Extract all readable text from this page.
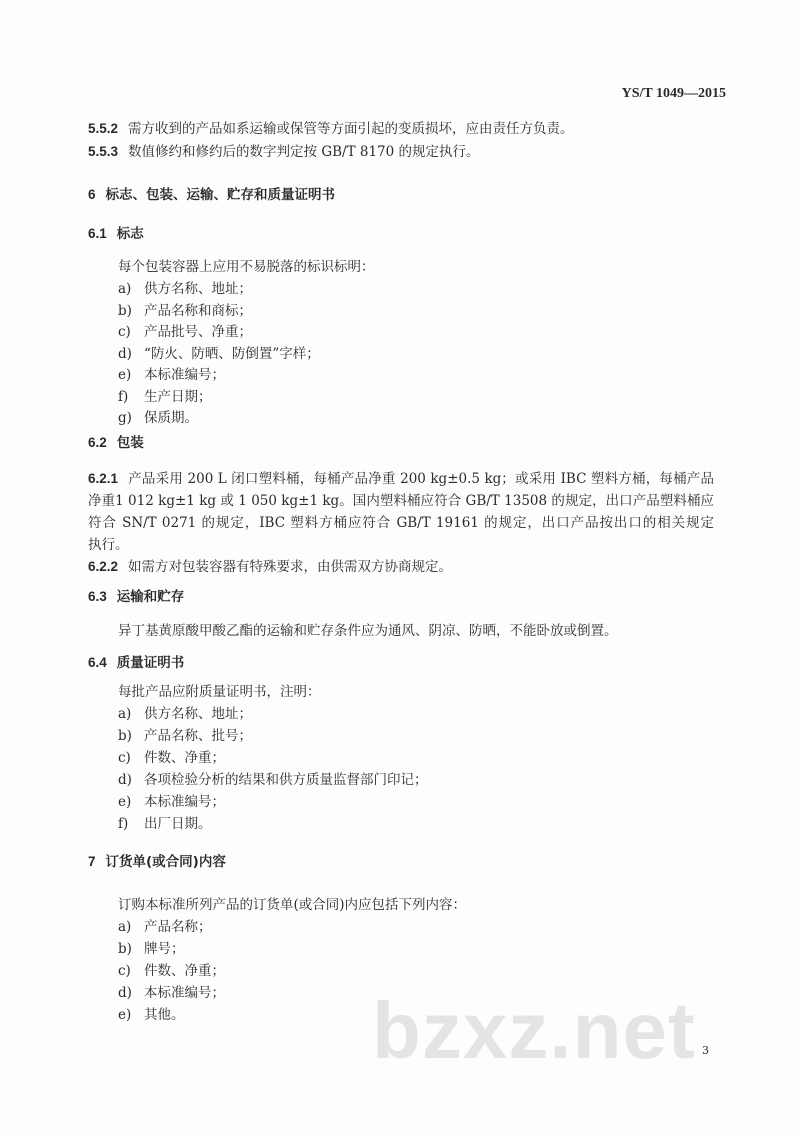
YS/T 1049—2015
5.5.2 需方收到的产品如系运输或保管等方面引起的变质损坏，应由责任方负责。
5.5.3 数值修约和修约后的数字判定按 GB/T 8170 的规定执行。
6 标志、包装、运输、贮存和质量证明书
6.1 标志
每个包装容器上应用不易脱落的标识标明：
a) 供方名称、地址；
b) 产品名称和商标；
c) 产品批号、净重；
d) “防火、防晒、防倒置”字样；
e) 本标准编号；
f) 生产日期；
g) 保质期。
6.2 包装
6.2.1 产品采用 200 L 闭口塑料桶，每桶产品净重 200 kg±0.5 kg；或采用 IBC 塑料方桶，每桶产品
净重1 012 kg±1 kg 或 1 050 kg±1 kg。国内塑料桶应符合 GB/T 13508 的规定，出口产品塑料桶应
符合 SN/T 0271 的规定，IBC 塑料方桶应符合 GB/T 19161 的规定，出口产品按出口的相关规定
执行。
6.2.2 如需方对包装容器有特殊要求，由供需双方协商规定。
6.3 运输和贮存
异丁基黄原酸甲酸乙酯的运输和贮存条件应为通风、阴凉、防晒，不能卧放或倒置。
6.4 质量证明书
每批产品应附质量证明书，注明：
a) 供方名称、地址；
b) 产品名称、批号；
c) 件数、净重；
d) 各项检验分析的结果和供方质量监督部门印记；
e) 本标准编号；
f) 出厂日期。
7 订货单(或合同)内容
订购本标准所列产品的订货单(或合同)内应包括下列内容：
a) 产品名称；
b) 牌号；
c) 件数、净重；
d) 本标准编号；
e) 其他。 bzxz.net 3
